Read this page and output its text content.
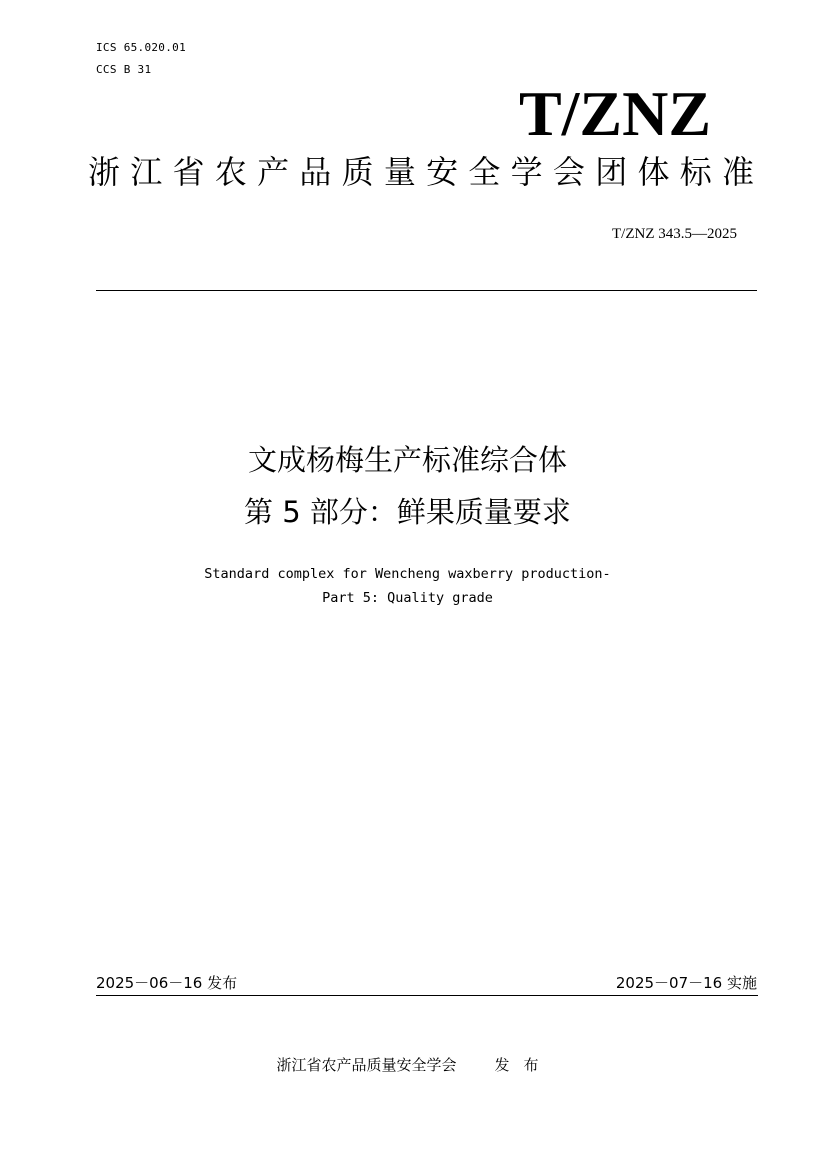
ICS 65.020.01
CCS B 31
T/ZNZ
浙 江 省 农 产 品 质 量 安 全 学 会 团 体 标 准
T/ZNZ 343.5—2025
文成杨梅生产标准综合体
第 5 部分：鲜果质量要求
Standard complex for Wencheng waxberry production-
Part 5: Quality grade
2025－06－16 发布	2025－07－16 实施
浙江省农产品质量安全学会	发布
